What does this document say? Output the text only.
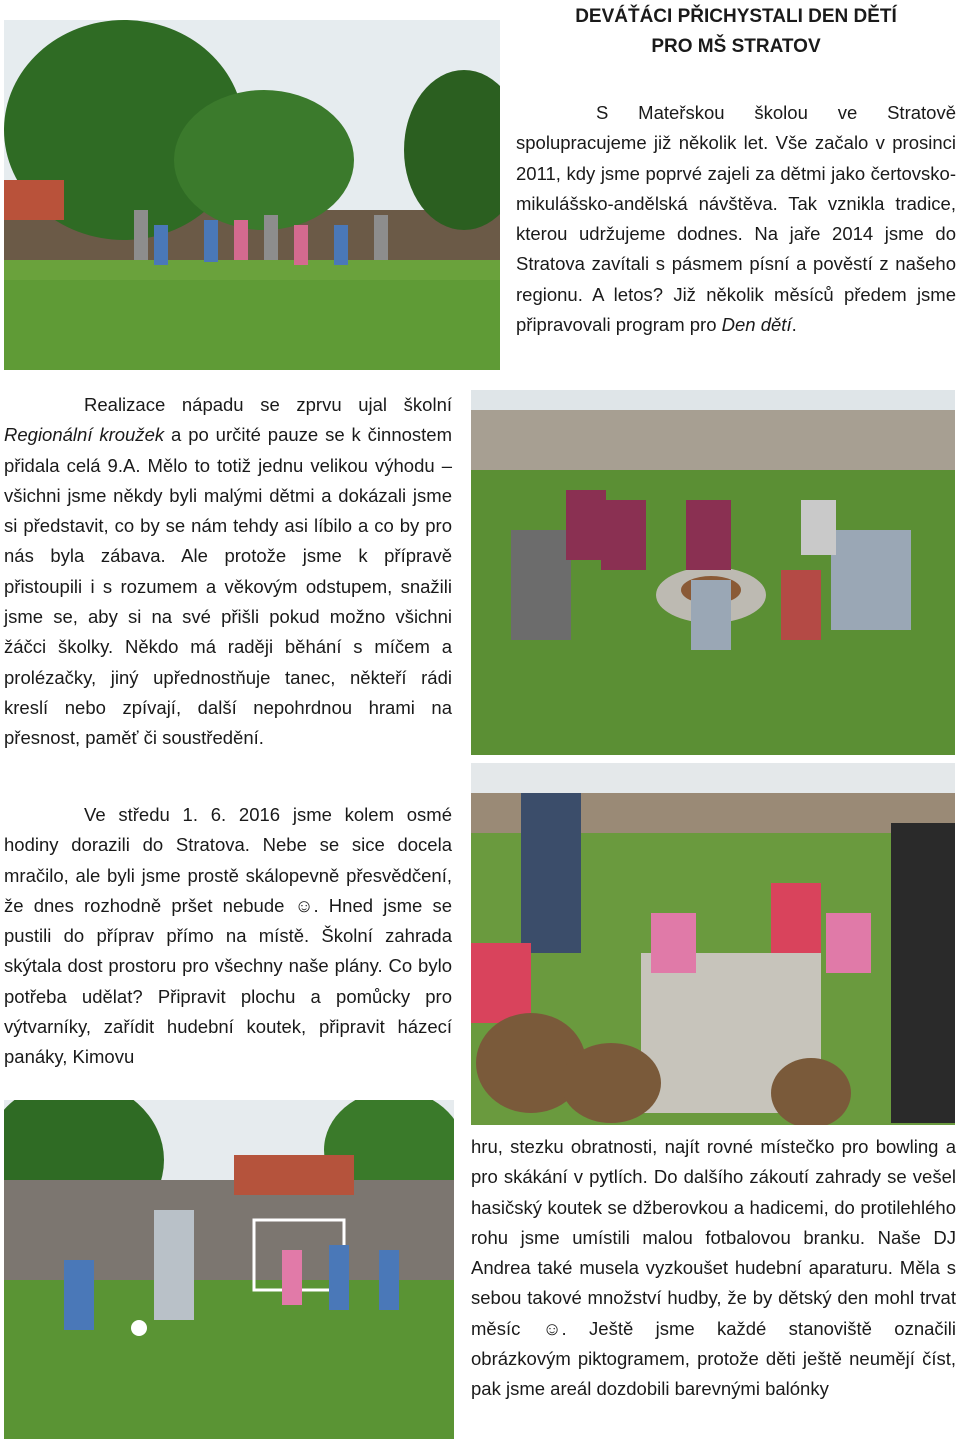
DEVÁŤÁCI PŘICHYSTALI DEN DĚTÍ
PRO MŠ STRATOV

S Mateřskou školou ve Stratově spolupracujeme již několik let. Vše začalo v prosinci 2011, kdy jsme poprvé zajeli za dětmi jako čertovsko-mikulášsko-andělská návštěva. Tak vznikla tradice, kterou udržujeme dodnes. Na jaře 2014 jsme do Stratova zavítali s pásmem písní a pověstí z našeho regionu. A letos? Již několik měsíců předem jsme připravovali program pro Den dětí.

Realizace nápadu se zprvu ujal školní Regionální kroužek a po určité pauze se k činnostem přidala celá 9.A. Mělo to totiž jednu velikou výhodu – všichni jsme někdy byli malými dětmi a dokázali jsme si představit, co by se nám tehdy asi líbilo a co by pro nás byla zábava. Ale protože jsme k přípravě přistoupili i s rozumem a věkovým odstupem, snažili jsme se, aby si na své přišli pokud možno všichni žáčci školky. Někdo má raději běhání s míčem a prolézačky, jiný upřednostňuje tanec, někteří rádi kreslí nebo zpívají, další nepohrdnou hrami na přesnost, paměť či soustředění.

Ve středu 1. 6. 2016 jsme kolem osmé hodiny dorazili do Stratova. Nebe se sice docela mračilo, ale byli jsme prostě skálopevně přesvědčení, že dnes rozhodně pršet nebude ☺. Hned jsme se pustili do příprav přímo na místě. Školní zahrada skýtala dost prostoru pro všechny naše plány. Co bylo potřeba udělat? Připravit plochu a pomůcky pro výtvarníky, zařídit hudební koutek, připravit házecí panáky, Kimovu

hru, stezku obratnosti, najít rovné místečko pro bowling a pro skákání v pytlích. Do dalšího zákoutí zahrady se vešel hasičský koutek se džberovkou a hadicemi, do protilehlého rohu jsme umístili malou fotbalovou branku. Naše DJ Andrea také musela vyzkoušet hudební aparaturu. Měla s sebou takové množství hudby, že by dětský den mohl trvat měsíc ☺. Ještě jsme každé stanoviště označili obrázkovým piktogramem, protože děti ještě neumějí číst, pak jsme areál dozdobili barevnými balónky
